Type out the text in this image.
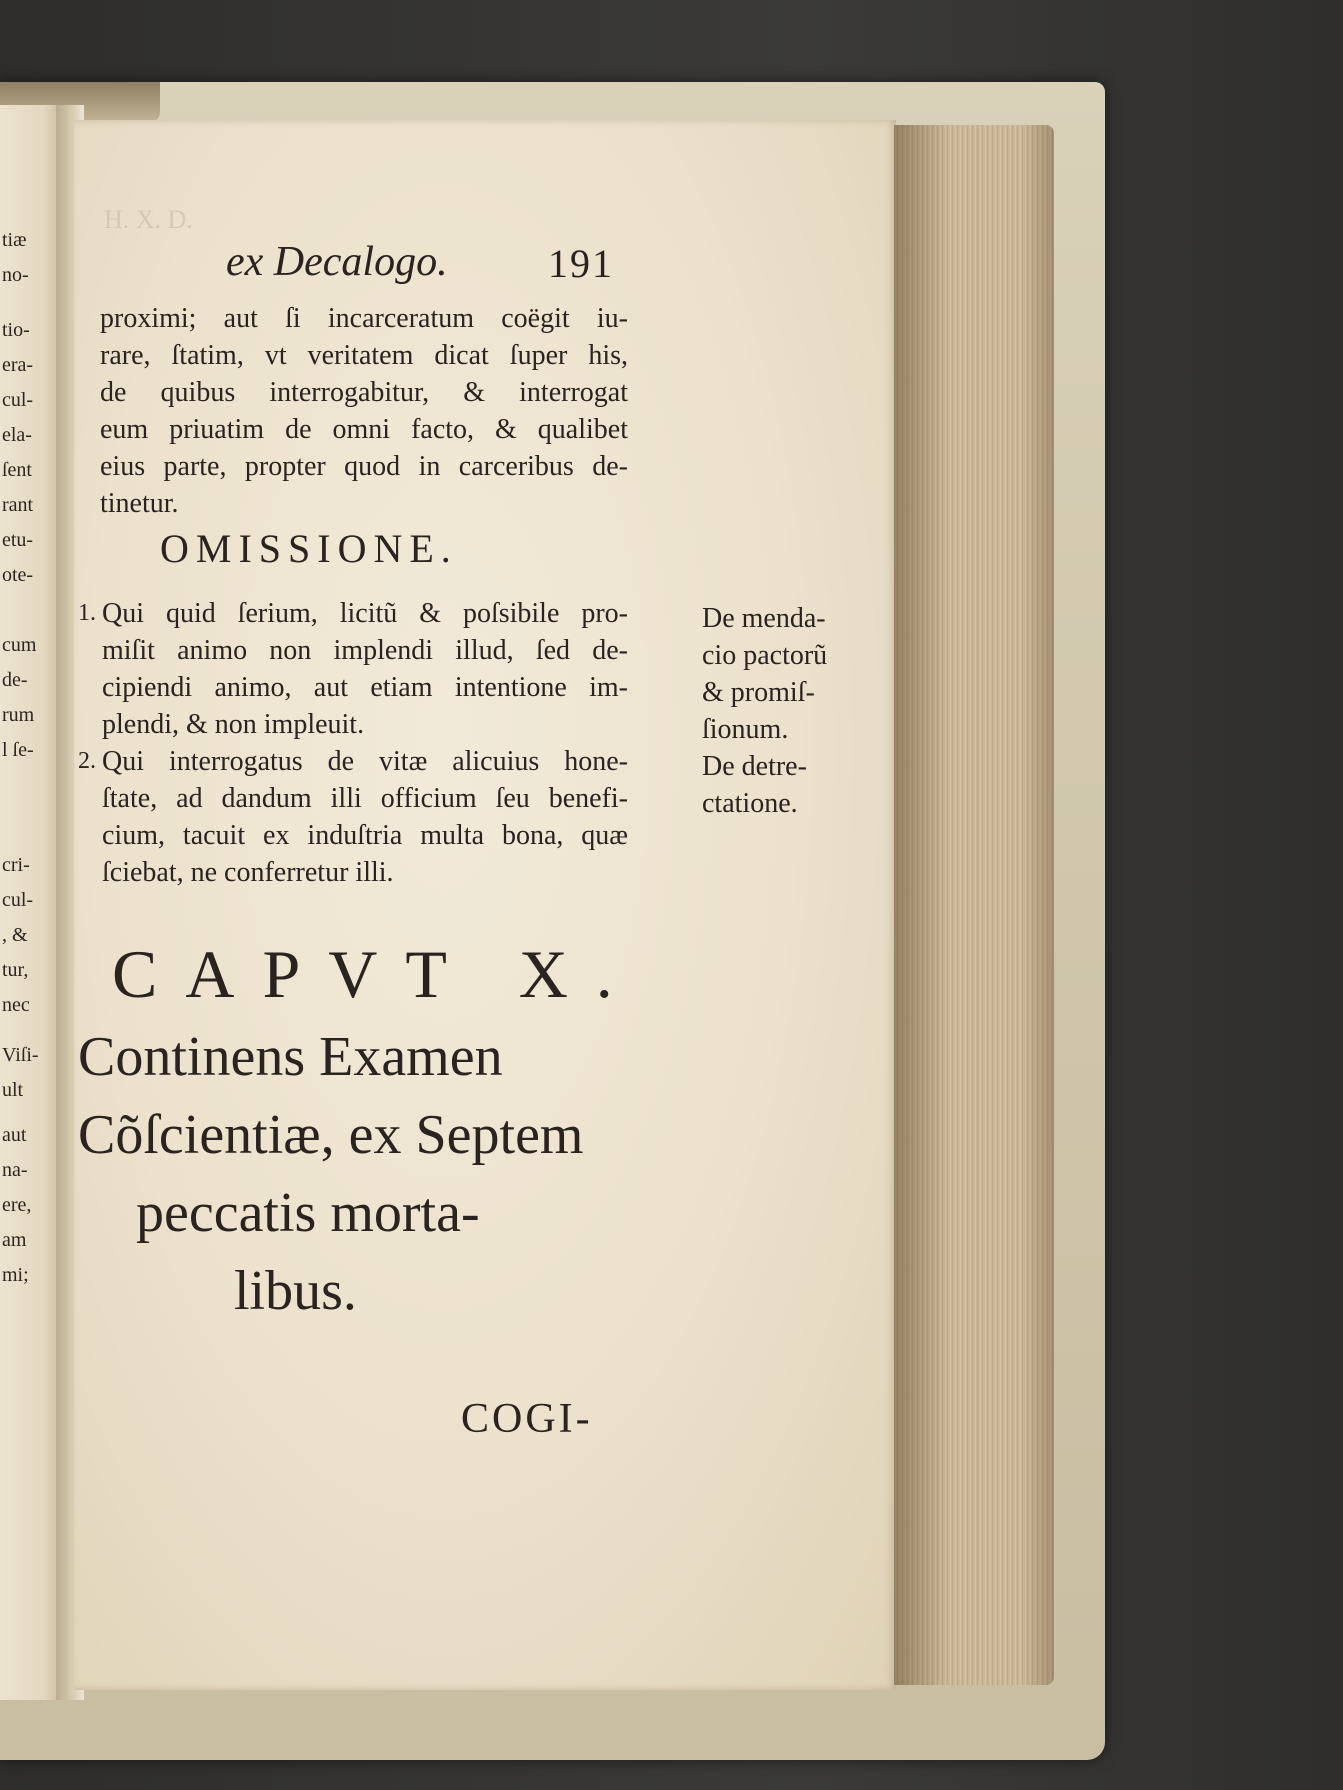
tiæ
no-
tio-
era-
cul-
ela-
ſent
rant
etu-
ote-
cum
de-
rum
l ſe-
cri-
cul-
, &
tur,
nec
Viſi-
ult
aut
na-
ere,
am
mi;
H. X. D.
ex Decalogo.	191
proximi; aut ſi incarceratum coëgit iu-
rare, ſtatim, vt veritatem dicat ſuper his,
de quibus interrogabitur, & interrogat
eum priuatim de omni facto, & qualibet
eius parte, propter quod in carceribus de-
tinetur.
OMISSIONE.
1. Qui quid ſerium, licitũ & poſsibile pro-
miſit animo non implendi illud, ſed de-
cipiendi animo, aut etiam intentione im-
plendi, & non impleuit.
2. Qui interrogatus de vitæ alicuius hone-
ſtate, ad dandum illi officium ſeu benefi-
cium, tacuit ex induſtria multa bona, quæ
ſciebat, ne conferretur illi.
De menda-
cio pactorũ
& promiſ-
ſionum.
De detre-
ctatione.
CAPVT X.
Continens Examen
Cõſcientiæ, ex Septem
peccatis morta-
libus.
COGI-
